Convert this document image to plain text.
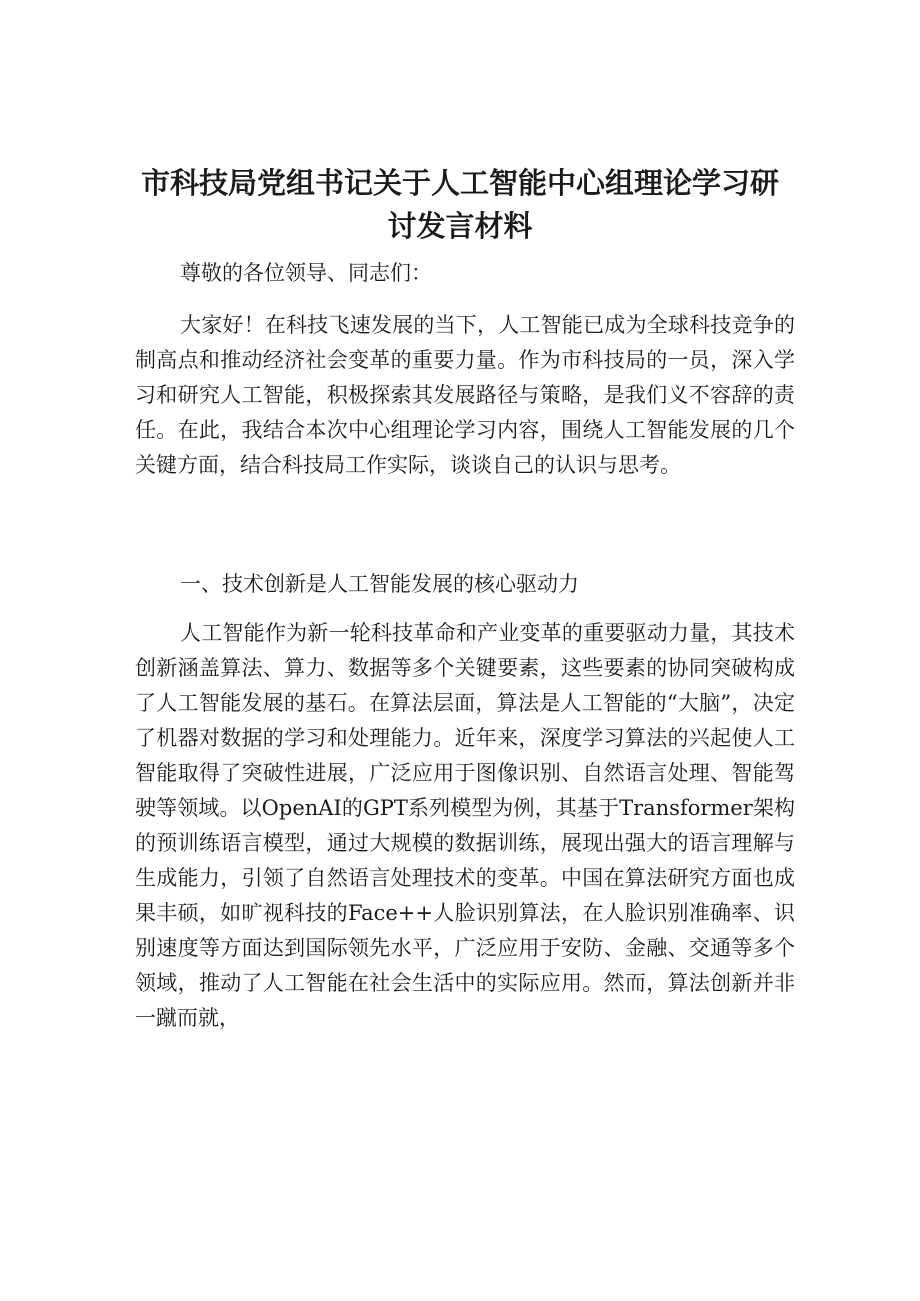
市科技局党组书记关于人工智能中心组理论学习研讨发言材料

尊敬的各位领导、同志们：

大家好！在科技飞速发展的当下，人工智能已成为全球科技竞争的制高点和推动经济社会变革的重要力量。作为市科技局的一员，深入学习和研究人工智能，积极探索其发展路径与策略，是我们义不容辞的责任。在此，我结合本次中心组理论学习内容，围绕人工智能发展的几个关键方面，结合科技局工作实际，谈谈自己的认识与思考。

一、技术创新是人工智能发展的核心驱动力

人工智能作为新一轮科技革命和产业变革的重要驱动力量，其技术创新涵盖算法、算力、数据等多个关键要素，这些要素的协同突破构成了人工智能发展的基石。在算法层面，算法是人工智能的“大脑”，决定了机器对数据的学习和处理能力。近年来，深度学习算法的兴起使人工智能取得了突破性进展，广泛应用于图像识别、自然语言处理、智能驾驶等领域。以OpenAI的GPT系列模型为例，其基于Transformer架构的预训练语言模型，通过大规模的数据训练，展现出强大的语言理解与生成能力，引领了自然语言处理技术的变革。中国在算法研究方面也成果丰硕，如旷视科技的Face++人脸识别算法，在人脸识别准确率、识别速度等方面达到国际领先水平，广泛应用于安防、金融、交通等多个领域，推动了人工智能在社会生活中的实际应用。然而，算法创新并非一蹴而就，
